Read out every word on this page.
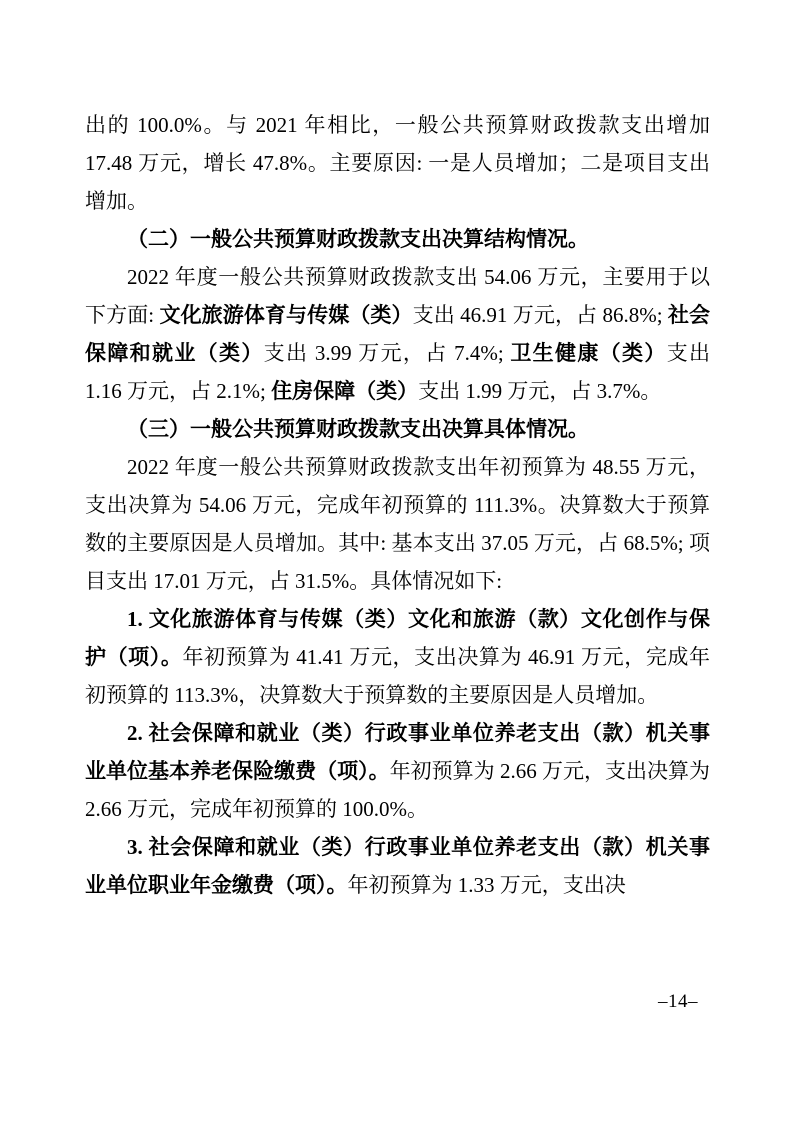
出的 100.0%。与 2021 年相比，一般公共预算财政拨款支出增加 17.48 万元，增长 47.8%。主要原因: 一是人员增加；二是项目支出增加。

（二）一般公共预算财政拨款支出决算结构情况。

2022 年度一般公共预算财政拨款支出 54.06 万元，主要用于以下方面: 文化旅游体育与传媒（类）支出 46.91 万元，占 86.8%; 社会保障和就业（类）支出 3.99 万元，占 7.4%; 卫生健康（类）支出 1.16 万元，占 2.1%; 住房保障（类）支出 1.99 万元，占 3.7%。

（三）一般公共预算财政拨款支出决算具体情况。

2022 年度一般公共预算财政拨款支出年初预算为 48.55 万元，支出决算为 54.06 万元，完成年初预算的 111.3%。决算数大于预算数的主要原因是人员增加。其中: 基本支出 37.05 万元，占 68.5%; 项目支出 17.01 万元，占 31.5%。具体情况如下:

1. 文化旅游体育与传媒（类）文化和旅游（款）文化创作与保护（项）。年初预算为 41.41 万元，支出决算为 46.91 万元，完成年初预算的 113.3%，决算数大于预算数的主要原因是人员增加。

2. 社会保障和就业（类）行政事业单位养老支出（款）机关事业单位基本养老保险缴费（项）。年初预算为 2.66 万元，支出决算为 2.66 万元，完成年初预算的 100.0%。

3. 社会保障和就业（类）行政事业单位养老支出（款）机关事业单位职业年金缴费（项）。年初预算为 1.33 万元，支出决

–14–
